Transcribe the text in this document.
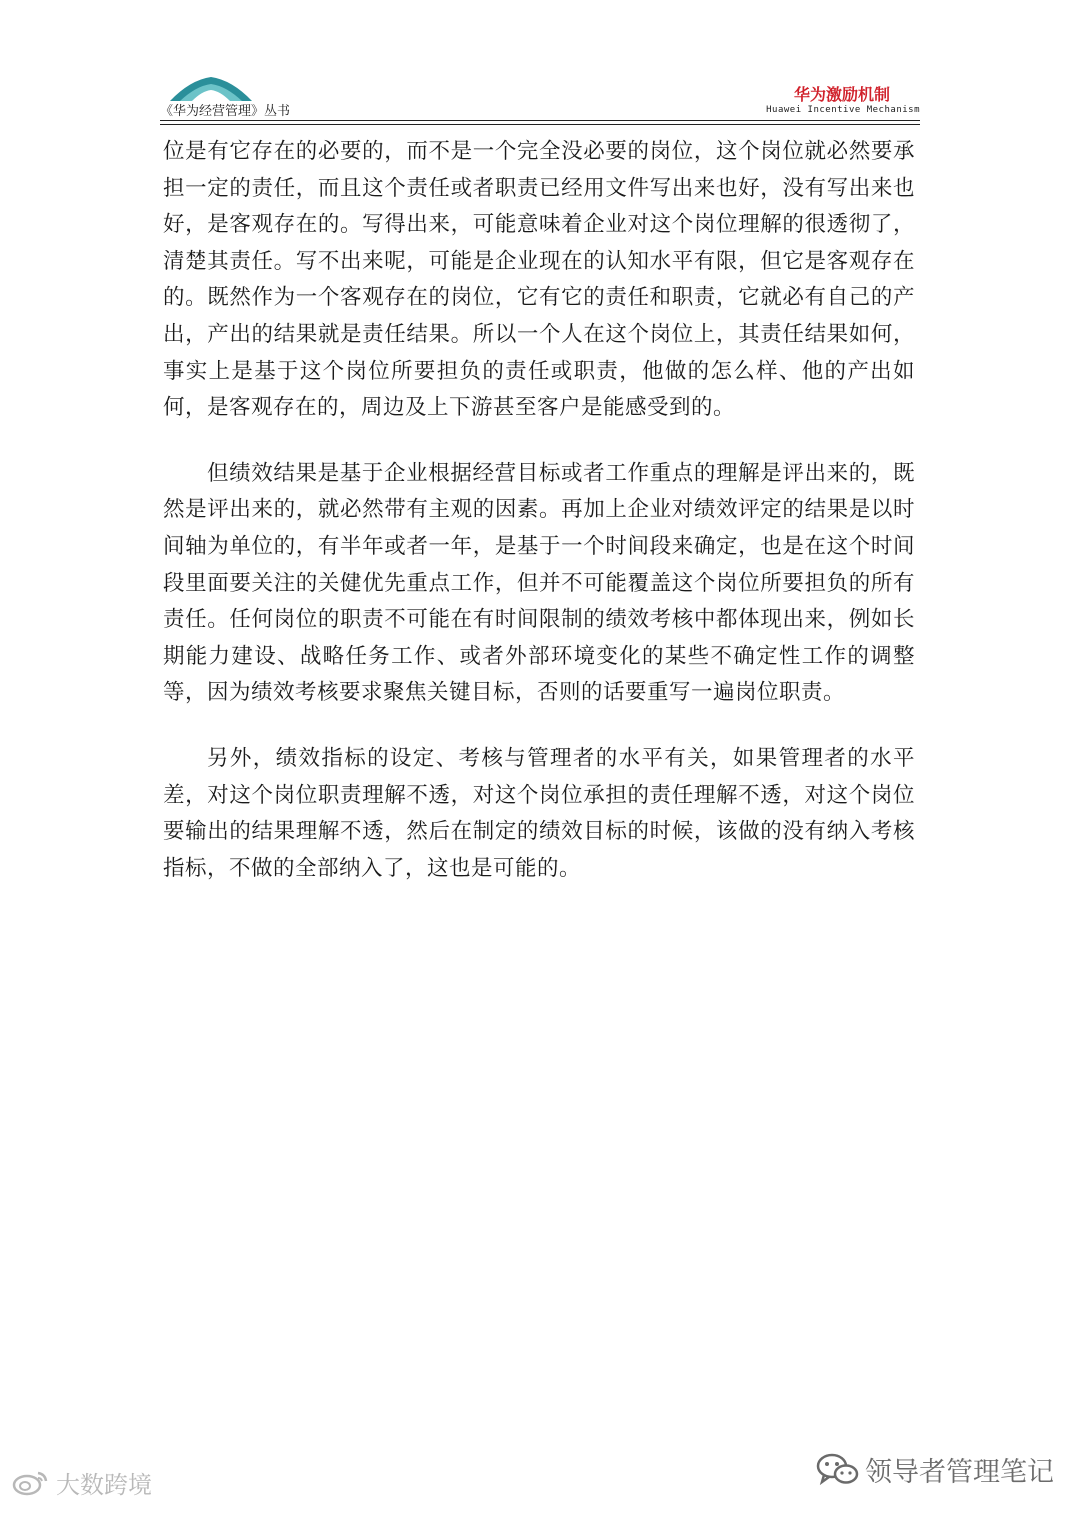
《华为经营管理》丛书
华为激励机制
Huawei Incentive Mechanism

位是有它存在的必要的，而不是一个完全没必要的岗位，这个岗位就必然要承担一定的责任，而且这个责任或者职责已经用文件写出来也好，没有写出来也好，是客观存在的。写得出来，可能意味着企业对这个岗位理解的很透彻了，清楚其责任。写不出来呢，可能是企业现在的认知水平有限，但它是客观存在的。既然作为一个客观存在的岗位，它有它的责任和职责，它就必有自己的产出，产出的结果就是责任结果。所以一个人在这个岗位上，其责任结果如何，事实上是基于这个岗位所要担负的责任或职责，他做的怎么样、他的产出如何，是客观存在的，周边及上下游甚至客户是能感受到的。

但绩效结果是基于企业根据经营目标或者工作重点的理解是评出来的，既然是评出来的，就必然带有主观的因素。再加上企业对绩效评定的结果是以时间轴为单位的，有半年或者一年，是基于一个时间段来确定，也是在这个时间段里面要关注的关健优先重点工作，但并不可能覆盖这个岗位所要担负的所有责任。任何岗位的职责不可能在有时间限制的绩效考核中都体现出来，例如长期能力建设、战略任务工作、或者外部环境变化的某些不确定性工作的调整等，因为绩效考核要求聚焦关键目标，否则的话要重写一遍岗位职责。

另外，绩效指标的设定、考核与管理者的水平有关，如果管理者的水平差，对这个岗位职责理解不透，对这个岗位承担的责任理解不透，对这个岗位要输出的结果理解不透，然后在制定的绩效目标的时候，该做的没有纳入考核指标，不做的全部纳入了，这也是可能的。

大数跨境	领导者管理笔记
